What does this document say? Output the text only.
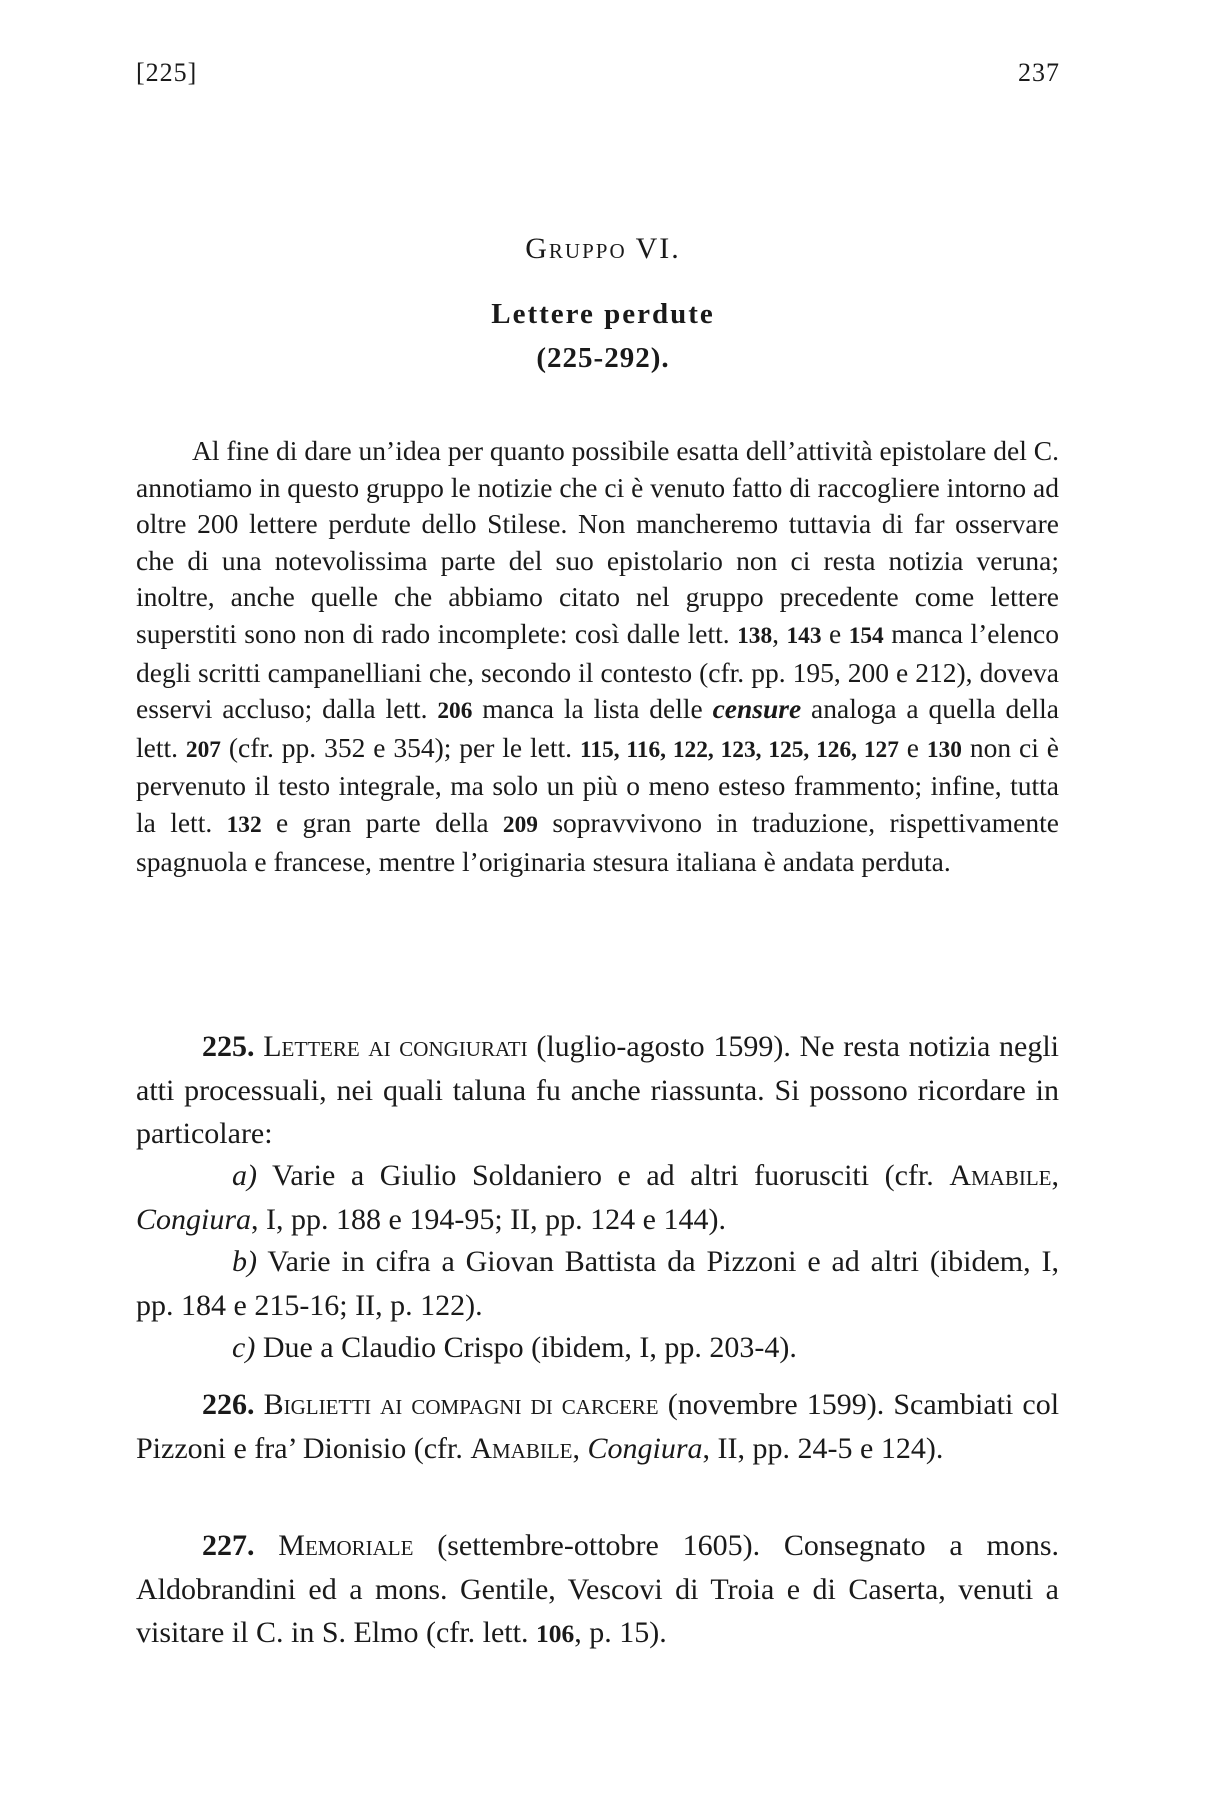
[225]	237
Gruppo VI.
Lettere perdute
(225-292).

Al fine di dare un’idea per quanto possibile esatta dell’attività epistolare del C. annotiamo in questo gruppo le notizie che ci è venuto fatto di raccogliere intorno ad oltre 200 lettere perdute dello Stilese. Non mancheremo tuttavia di far osservare che di una notevolissima parte del suo epistolario non ci resta notizia veruna; inoltre, anche quelle che abbiamo citato nel gruppo precedente come lettere superstiti sono non di rado incomplete: così dalle lett. 138, 143 e 154 manca l’elenco degli scritti campanelliani che, secondo il contesto (cfr. pp. 195, 200 e 212), doveva esservi accluso; dalla lett. 206 manca la lista delle censure analoga a quella della lett. 207 (cfr. pp. 352 e 354); per le lett. 115, 116, 122, 123, 125, 126, 127 e 130 non ci è pervenuto il testo integrale, ma solo un più o meno esteso frammento; infine, tutta la lett. 132 e gran parte della 209 sopravvivono in traduzione, rispettivamente spagnuola e francese, mentre l’originaria stesura italiana è andata perduta.

225. Lettere ai congiurati (luglio-agosto 1599). Ne resta notizia negli atti processuali, nei quali taluna fu anche riassunta. Si possono ricordare in particolare:

a) Varie a Giulio Soldaniero e ad altri fuorusciti (cfr. Amabile, Congiura, I, pp. 188 e 194-95; II, pp. 124 e 144).

b) Varie in cifra a Giovan Battista da Pizzoni e ad altri (ibidem, I, pp. 184 e 215-16; II, p. 122).

c) Due a Claudio Crispo (ibidem, I, pp. 203-4).

226. Biglietti ai compagni di carcere (novembre 1599). Scambiati col Pizzoni e fra’ Dionisio (cfr. Amabile, Congiura, II, pp. 24-5 e 124).

227. Memoriale (settembre-ottobre 1605). Consegnato a mons. Aldobrandini ed a mons. Gentile, Vescovi di Troia e di Caserta, venuti a visitare il C. in S. Elmo (cfr. lett. 106, p. 15).
